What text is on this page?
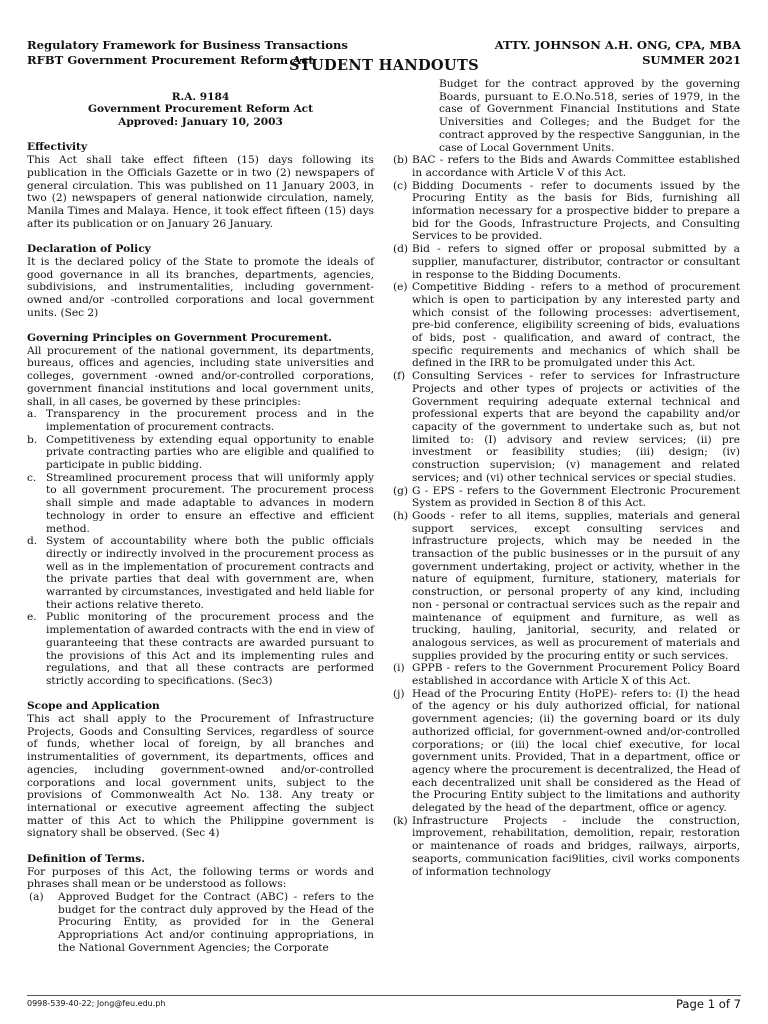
Regulatory Framework for Business Transactions
RFBT Government Procurement Reform Act
ATTY. JOHNSON A.H. ONG, CPA, MBA
SUMMER 2021
STUDENT HANDOUTS

R.A. 9184

Government Procurement Reform Act

Approved: January 10, 2003

Effectivity

This Act shall take effect fifteen (15) days following its publication in the Officials Gazette or in two (2) newspapers of general circulation. This was published on 11 January 2003, in two (2) newspapers of general nationwide circulation, namely, Manila Times and Malaya. Hence, it took effect fifteen (15) days after its publication or on January 26 January.

Declaration of Policy

It is the declared policy of the State to promote the ideals of good governance in all its branches, departments, agencies, subdivisions, and instrumentalities, including government-owned and/or -controlled corporations and local government units. (Sec 2)

Governing Principles on Government Procurement.

All procurement of the national government, its departments, bureaus, offices and agencies, including state universities and colleges, government -owned and/or-controlled corporations, government financial institutions and local government units, shall, in all cases, be governed by these principles:

a. Transparency in the procurement process and in the implementation of procurement contracts.
b. Competitiveness by extending equal opportunity to enable private contracting parties who are eligible and qualified to participate in public bidding.
c. Streamlined procurement process that will uniformly apply to all government procurement. The procurement process shall simple and made adaptable to advances in modern technology in order to ensure an effective and efficient method.
d. System of accountability where both the public officials directly or indirectly involved in the procurement process as well as in the implementation of procurement contracts and the private parties that deal with government are, when warranted by circumstances, investigated and held liable for their actions relative thereto.
e. Public monitoring of the procurement process and the implementation of awarded contracts with the end in view of guaranteeing that these contracts are awarded pursuant to the provisions of this Act and its implementing rules and regulations, and that all these contracts are performed strictly according to specifications. (Sec3)

Scope and Application

This act shall apply to the Procurement of Infrastructure Projects, Goods and Consulting Services, regardless of source of funds, whether local of foreign, by all branches and instrumentalities of government, its departments, offices and agencies, including government-owned and/or-controlled corporations and local government units, subject to the provisions of Commonwealth Act No. 138. Any treaty or international or executive agreement affecting the subject matter of this Act to which the Philippine government is signatory shall be observed. (Sec 4)

Definition of Terms.

For purposes of this Act, the following terms or words and phrases shall mean or be understood as follows:

(a)	Approved Budget for the Contract (ABC) - refers to the budget for the contract duly approved by the Head of the Procuring Entity, as provided for in the General Appropriations Act and/or continuing appropriations, in the National Government Agencies; the Corporate

Budget for the contract approved by the governing Boards, pursuant to E.O.No.518, series of 1979, in the case of Government Financial Institutions and State Universities and Colleges; and the Budget for the contract approved by the respective Sanggunian, in the case of Local Government Units.

(b) BAC - refers to the Bids and Awards Committee established in accordance with Article V of this Act.
(c) Bidding Documents - refer to documents issued by the Procuring Entity as the basis for Bids, furnishing all information necessary for a prospective bidder to prepare a bid for the Goods, Infrastructure Projects, and Consulting Services to be provided.
(d) Bid - refers to signed offer or proposal submitted by a supplier, manufacturer, distributor, contractor or consultant in response to the Bidding Documents.
(e) Competitive Bidding - refers to a method of procurement which is open to participation by any interested party and which consist of the following processes: advertisement, pre-bid conference, eligibility screening of bids, evaluations of bids, post - qualification, and award of contract, the specific requirements and mechanics of which shall be defined in the IRR to be promulgated under this Act.
(f) Consulting Services - refer to services for Infrastructure Projects and other types of projects or activities of the Government requiring adequate external technical and professional experts that are beyond the capability and/or capacity of the government to undertake such as, but not limited to: (I) advisory and review services; (ii) pre investment or feasibility studies; (iii) design; (iv) construction supervision; (v) management and related services; and (vi) other technical services or special studies.
(g) G - EPS - refers to the Government Electronic Procurement System as provided in Section 8 of this Act.
(h) Goods - refer to all items, supplies, materials and general support services, except consulting services and infrastructure projects, which may be needed in the transaction of the public businesses or in the pursuit of any government undertaking, project or activity, whether in the nature of equipment, furniture, stationery, materials for construction, or personal property of any kind, including non - personal or contractual services such as the repair and maintenance of equipment and furniture, as well as trucking, hauling, janitorial, security, and related or analogous services, as well as procurement of materials and supplies provided by the procuring entity or such services.
(i) GPPB - refers to the Government Procurement Policy Board established in accordance with Article X of this Act.
(j) Head of the Procuring Entity (HoPE)- refers to: (I) the head of the agency or his duly authorized official, for national government agencies; (ii) the governing board or its duly authorized official, for government-owned and/or-controlled corporations; or (iii) the local chief executive, for local government units. Provided, That in a department, office or agency where the procurement is decentralized, the Head of each decentralized unit shall be considered as the Head of the Procuring Entity subject to the limitations and authority delegated by the head of the department, office or agency.
(k) Infrastructure Projects - include the construction, improvement, rehabilitation, demolition, repair, restoration or maintenance of roads and bridges, railways, airports, seaports, communication faci9lities, civil works components of information technology
0998-539-40-22; Jong@feu.edu.ph	Page 1 of 7
